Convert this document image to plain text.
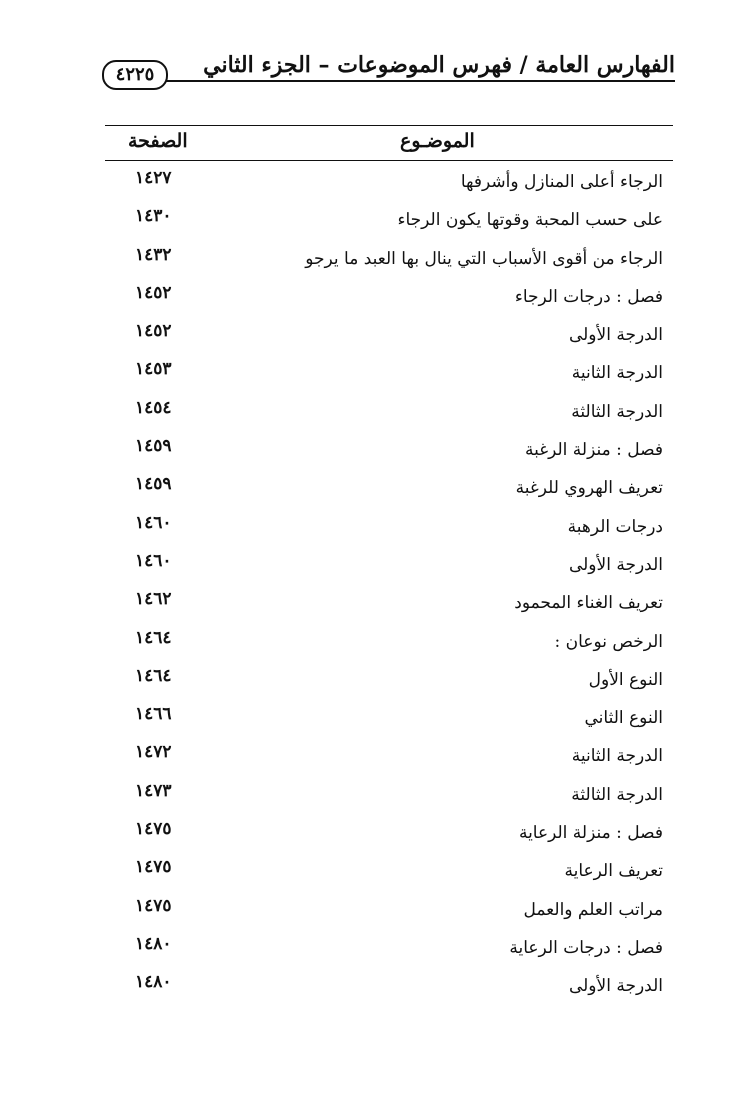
الفهارس العامة / فهرس الموضوعات – الجزء الثاني
٤٢٢٥
الموضـوع
الصفحة
الرجاء أعلى المنازل وأشرفها
١٤٢٧
على حسب المحبة وقوتها يكون الرجاء
١٤٣٠
الرجاء من أقوى الأسباب التي ينال بها العبد ما يرجو
١٤٣٢
فصل : درجات الرجاء
١٤٥٢
الدرجة الأولى
١٤٥٢
الدرجة الثانية
١٤٥٣
الدرجة الثالثة
١٤٥٤
فصل : منزلة الرغبة
١٤٥٩
تعريف الهروي للرغبة
١٤٥٩
درجات الرهبة
١٤٦٠
الدرجة الأولى
١٤٦٠
تعريف الغناء المحمود
١٤٦٢
الرخص نوعان :
١٤٦٤
النوع الأول
١٤٦٤
النوع الثاني
١٤٦٦
الدرجة الثانية
١٤٧٢
الدرجة الثالثة
١٤٧٣
فصل : منزلة الرعاية
١٤٧٥
تعريف الرعاية
١٤٧٥
مراتب العلم والعمل
١٤٧٥
فصل : درجات الرعاية
١٤٨٠
الدرجة الأولى
١٤٨٠
